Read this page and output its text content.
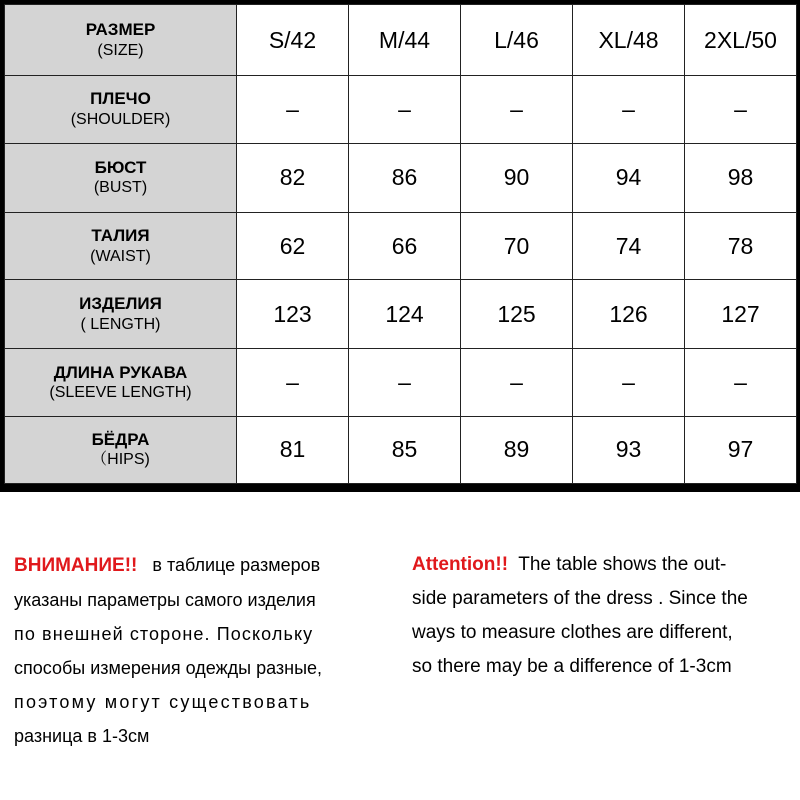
РАЗМЕР
(SIZE)	S/42	M/44	L/46	XL/48	2XL/50

ПЛЕЧО
(SHOULDER)	–	–	–	–	–

БЮСТ
(BUST)	82	86	90	94	98

ТАЛИЯ
(WAIST)	62	66	70	74	78

ИЗДЕЛИЯ
( LENGTH)	123	124	125	126	127

ДЛИНА РУКАВА
(SLEEVE LENGTH)	–	–	–	–	–

БЁДРА
（HIPS)	81	85	89	93	97
ВНИМАНИЕ!! в таблице размеров
указаны параметры самого изделия
по внешней стороне. Поскольку
способы измерения одежды разные,
поэтому могут существовать
разница в 1-3см
Attention!! The table shows the out-
side parameters of the dress . Since the
ways to measure clothes are different,
so there may be a difference of 1-3cm
